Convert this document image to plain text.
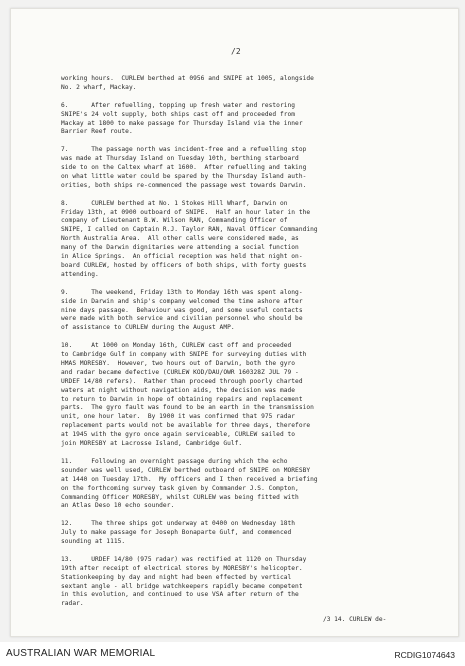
/2

working hours.  CURLEW berthed at 0956 and SNIPE at 1005, alongside
No. 2 wharf, Mackay.

6.      After refuelling, topping up fresh water and restoring
SNIPE's 24 volt supply, both ships cast off and proceeded from
Mackay at 1800 to make passage for Thursday Island via the inner
Barrier Reef route.

7.      The passage north was incident-free and a refuelling stop
was made at Thursday Island on Tuesday 10th, berthing starboard
side to on the Caltex wharf at 1600.  After refuelling and taking
on what little water could be spared by the Thursday Island auth-
orities, both ships re-commenced the passage west towards Darwin.

8.      CURLEW berthed at No. 1 Stokes Hill Wharf, Darwin on
Friday 13th, at 0900 outboard of SNIPE.  Half an hour later in the
company of Lieutenant B.W. Wilson RAN, Commanding Officer of
SNIPE, I called on Captain R.J. Taylor RAN, Naval Officer Commanding
North Australia Area.  All other calls were considered made, as
many of the Darwin dignitaries were attending a social function
in Alice Springs.  An official reception was held that night on-
board CURLEW, hosted by officers of both ships, with forty guests
attending.

9.      The weekend, Friday 13th to Monday 16th was spent along-
side in Darwin and ship's company welcomed the time ashore after
nine days passage.  Behaviour was good, and some useful contacts
were made with both service and civilian personnel who should be
of assistance to CURLEW during the August AMP.

10.     At 1000 on Monday 16th, CURLEW cast off and proceeded
to Cambridge Gulf in company with SNIPE for surveying duties with
HMAS MORESBY.  However, two hours out of Darwin, both the gyro
and radar became defective (CURLEW KOD/DAU/OWR 160328Z JUL 79 -
URDEF 14/80 refers).  Rather than proceed through poorly charted
waters at night without navigation aids, the decision was made
to return to Darwin in hope of obtaining repairs and replacement
parts.  The gyro fault was found to be an earth in the transmission
unit, one hour later.  By 1900 it was confirmed that 975 radar
replacement parts would not be available for three days, therefore
at 1945 with the gyro once again serviceable, CURLEW sailed to
join MORESBY at Lacrosse Island, Cambridge Gulf.

11.     Following an overnight passage during which the echo
sounder was well used, CURLEW berthed outboard of SNIPE on MORESBY
at 1440 on Tuesday 17th.  My officers and I then received a briefing
on the forthcoming survey task given by Commander J.S. Compton,
Commanding Officer MORESBY, whilst CURLEW was being fitted with
an Atlas Deso 10 echo sounder.

12.     The three ships got underway at 0400 on Wednesday 18th
July to make passage for Joseph Bonaparte Gulf, and commenced
sounding at 1115.

13.     URDEF 14/80 (975 radar) was rectified at 1120 on Thursday
19th after receipt of electrical stores by MORESBY's helicopter.
Stationkeeping by day and night had been effected by vertical
sextant angle - all bridge watchkeepers rapidly became competent
in this evolution, and continued to use VSA after return of the
radar.

/3 14. CURLEW de-
AUSTRALIAN WAR MEMORIAL	RCDIG1074643
